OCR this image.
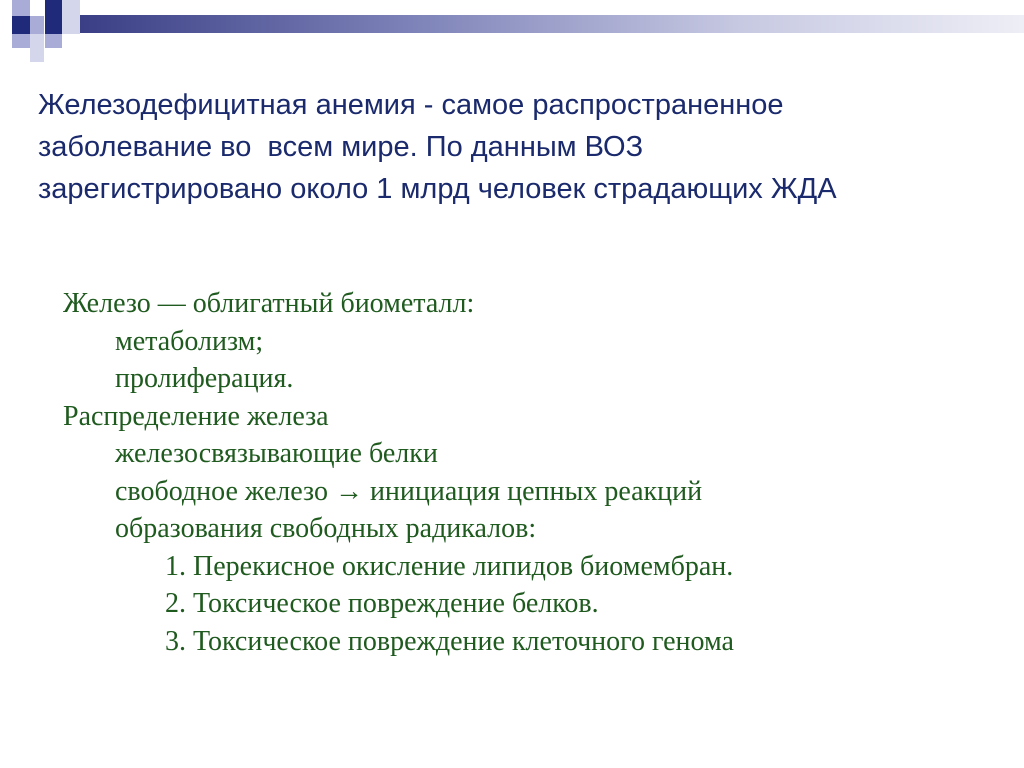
Железодефицитная анемия - самое распространенное
заболевание во  всем мире. По данным ВОЗ
зарегистрировано около 1 млрд человек страдающих ЖДА
Железо — облигатный биометалл:
метаболизм;
пролиферация.
Распределение железа
железосвязывающие белки
свободное железо → инициация цепных реакций
образования свободных радикалов:
1. Перекисное окисление липидов биомембран.
2. Токсическое повреждение белков.
3. Токсическое повреждение клеточного генома
